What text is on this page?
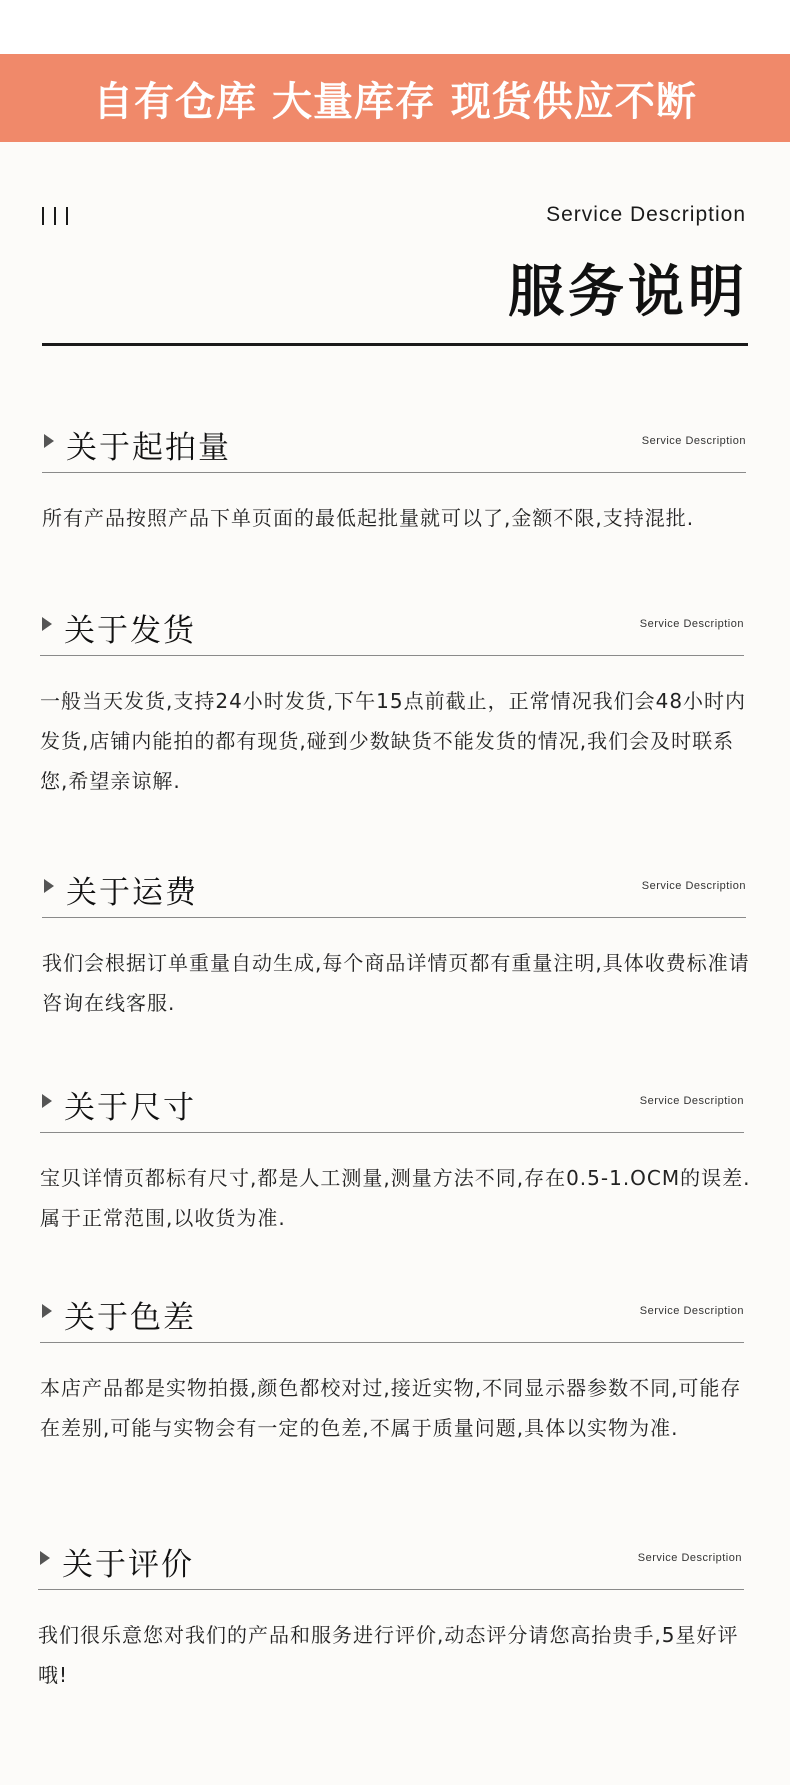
自有仓库 大量库存 现货供应不断
Service Description
服务说明
关于起拍量	Service Description
所有产品按照产品下单页面的最低起批量就可以了,金额不限,支持混批.
关于发货	Service Description
一般当天发货,支持24小时发货,下午15点前截止，正常情况我们会48小时内发货,店铺内能拍的都有现货,碰到少数缺货不能发货的情况,我们会及时联系您,希望亲谅解.
关于运费	Service Description
我们会根据订单重量自动生成,每个商品详情页都有重量注明,具体收费标准请咨询在线客服.
关于尺寸	Service Description
宝贝详情页都标有尺寸,都是人工测量,测量方法不同,存在0.5-1.OCM的误差.属于正常范围,以收货为准.
关于色差	Service Description
本店产品都是实物拍摄,颜色都校对过,接近实物,不同显示器参数不同,可能存在差别,可能与实物会有一定的色差,不属于质量问题,具体以实物为准.
关于评价	Service Description
我们很乐意您对我们的产品和服务进行评价,动态评分请您高抬贵手,5星好评哦!
